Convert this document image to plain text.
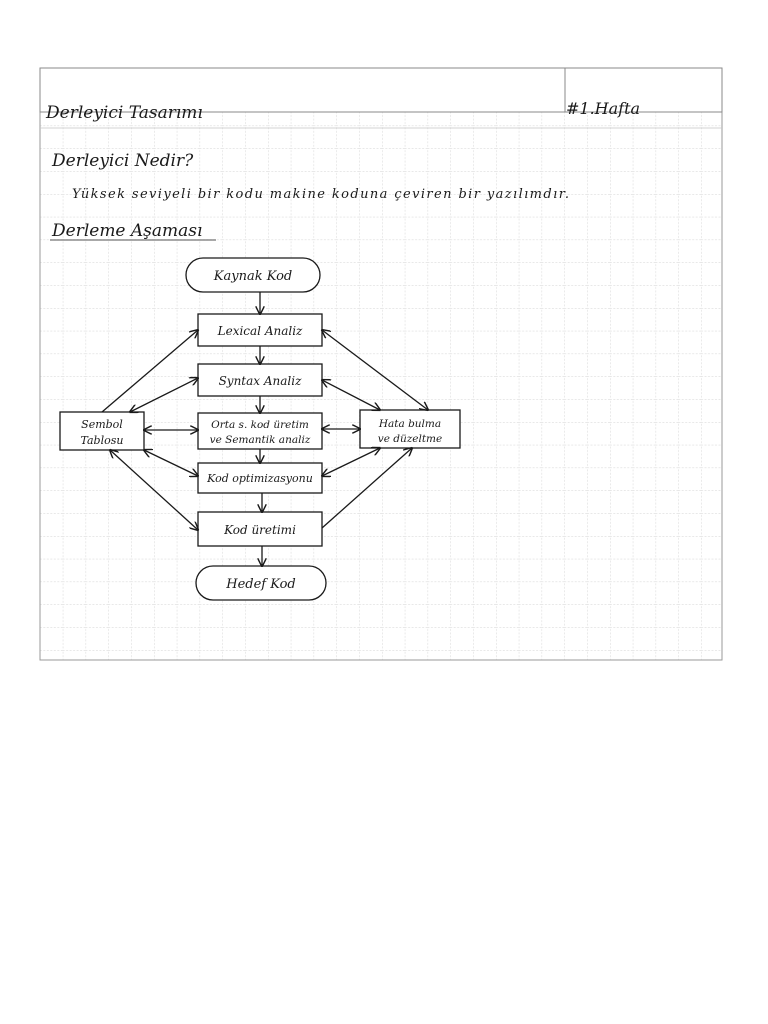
Derleyici Tasarımı	#1.Hafta
Derleyici Nedir?
Yüksek seviyeli bir kodu makine koduna çeviren bir yazılımdır.
Derleme Aşaması
Kaynak Kod
Lexical Analiz
Syntax Analiz
Orta s. kod üretim
ve Semantik analiz
Kod optimizasyonu
Kod üretimi
Hedef Kod
Sembol
Tablosu
Hata bulma
ve düzeltme
